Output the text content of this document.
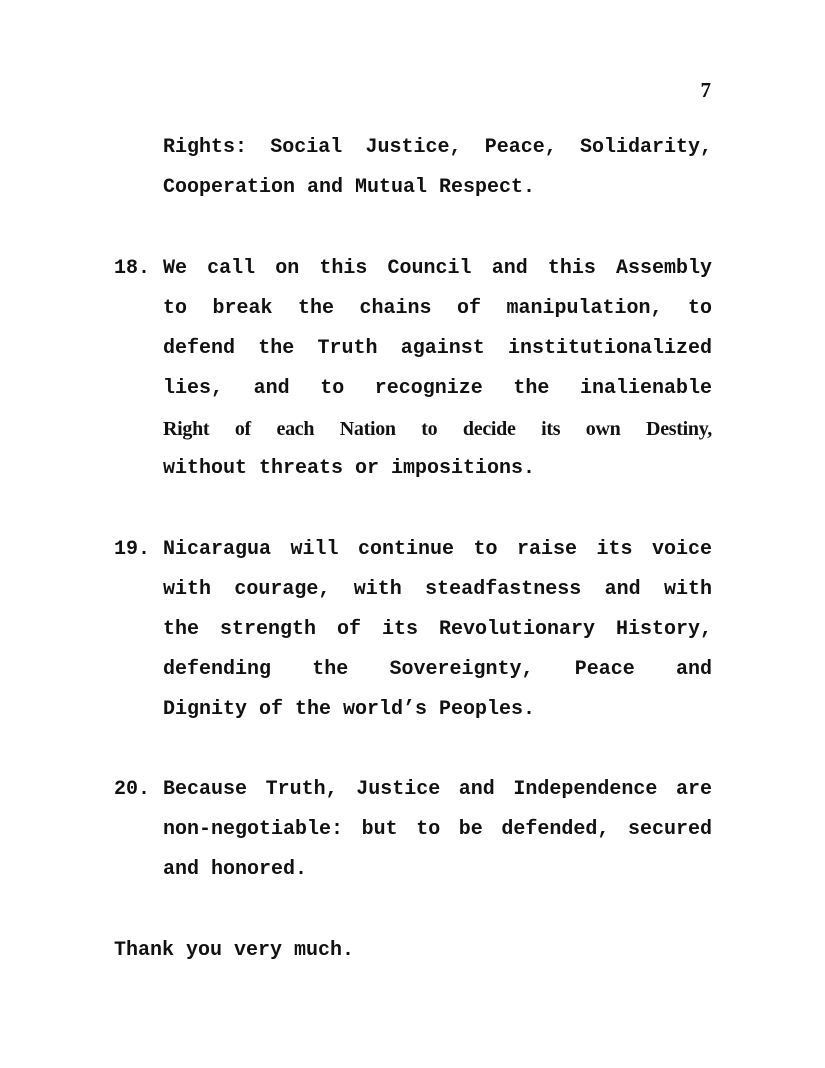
7
Rights: Social Justice, Peace, Solidarity,
Cooperation and Mutual Respect.
18. We call on this Council and this Assembly
to break the chains of manipulation, to
defend the Truth against institutionalized
lies, and to recognize the inalienable
Right of each Nation to decide its own Destiny,
without threats or impositions.
19. Nicaragua will continue to raise its voice
with courage, with steadfastness and with
the strength of its Revolutionary History,
defending the Sovereignty, Peace and
Dignity of the world’s Peoples.
20. Because Truth, Justice and Independence are
non-negotiable: but to be defended, secured
and honored.
Thank you very much.
